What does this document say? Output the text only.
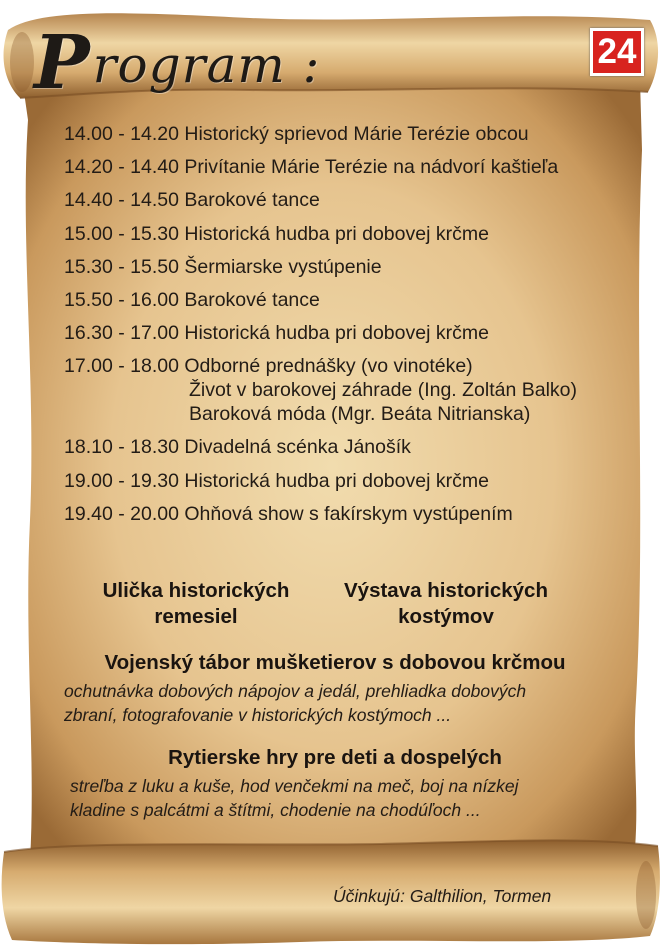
Program :	24
14.00 - 14.20 Historický sprievod Márie Terézie obcou
14.20 - 14.40 Privítanie Márie Terézie na nádvorí kaštieľa
14.40 - 14.50 Barokové tance
15.00 - 15.30 Historická hudba pri dobovej krčme
15.30 - 15.50 Šermiarske vystúpenie
15.50 - 16.00 Barokové tance
16.30 - 17.00 Historická hudba pri dobovej krčme
17.00 - 18.00 Odborné prednášky (vo vinotéke)
Život v barokovej záhrade (Ing. Zoltán Balko)
Baroková móda (Mgr. Beáta Nitrianska)
18.10 - 18.30 Divadelná scénka Jánošík
19.00 - 19.30 Historická hudba pri dobovej krčme
19.40 - 20.00 Ohňová show s fakírskym vystúpením
Ulička historických
remesiel
Výstava historických
kostýmov
Vojenský tábor mušketierov s dobovou krčmou
ochutnávka dobových nápojov a jedál, prehliadka dobových
zbraní, fotografovanie v historických kostýmoch ...
Rytierske hry pre deti a dospelých
streľba z luku a kuše, hod venčekmi na meč, boj na nízkej
kladine s palcátmi a štítmi, chodenie na chodúľoch ...
Účinkujú: Galthilion, Tormen
